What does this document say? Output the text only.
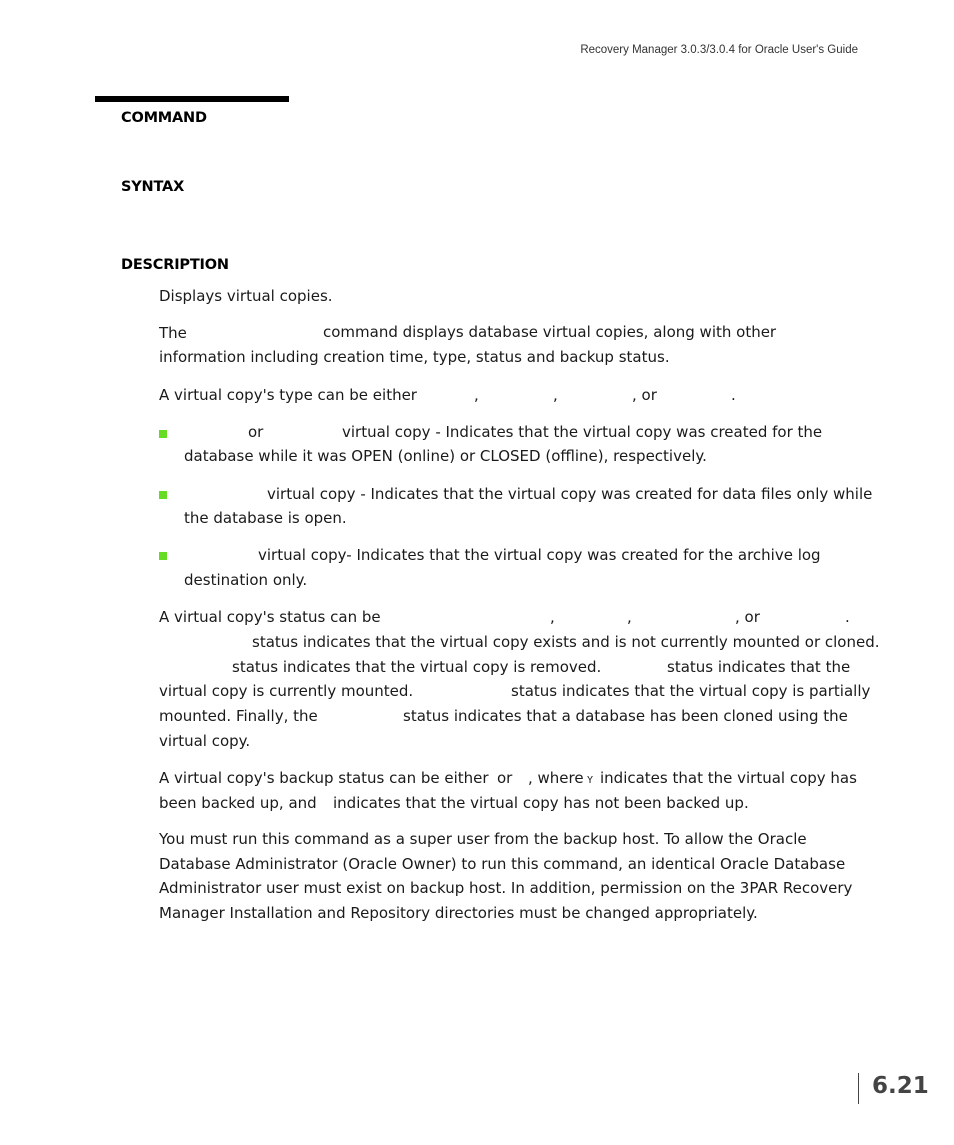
Recovery Manager 3.0.3/3.0.4 for Oracle User's Guide
COMMAND
SYNTAX
DESCRIPTION
Displays virtual copies.
The	command displays database virtual copies, along with other information including creation time, type, status and backup status.

A virtual copy's type can be either	,	,	, or	.
or	virtual copy - Indicates that the virtual copy was created for the
database while it was OPEN (online) or CLOSED (offline), respectively.
virtual copy - Indicates that the virtual copy was created for data files only while
the database is open.
virtual copy- Indicates that the virtual copy was created for the archive log
destination only.
A virtual copy's status can be	,	,	, or	.
status indicates that the virtual copy exists and is not currently mounted or cloned.
status indicates that the virtual copy is removed.	status indicates that the
virtual copy is currently mounted.	status indicates that the virtual copy is partially
mounted. Finally, the	status indicates that a database has been cloned using the
virtual copy.
A virtual copy's backup status can be either or , where Y indicates that the virtual copy has
been backed up, and indicates that the virtual copy has not been backed up.

You must run this command as a super user from the backup host. To allow the Oracle Database Administrator (Oracle Owner) to run this command, an identical Oracle Database Administrator user must exist on backup host. In addition, permission on the 3PAR Recovery Manager Installation and Repository directories must be changed appropriately.

6.21
